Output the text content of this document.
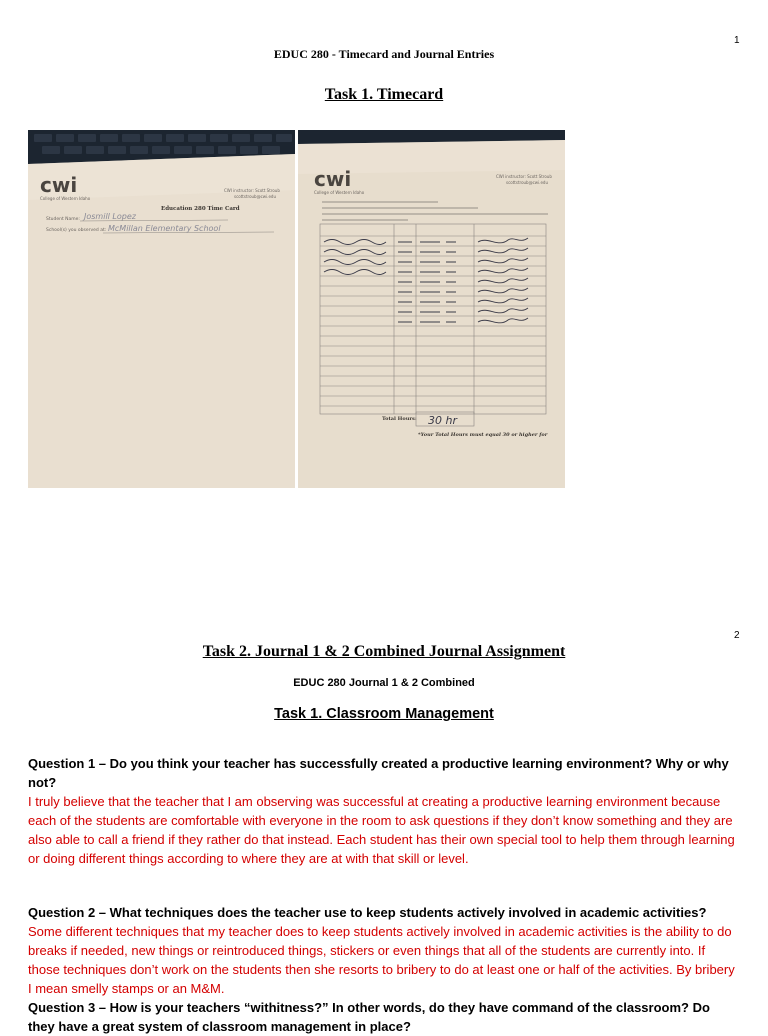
1
EDUC 280 - Timecard and Journal Entries
Task 1. Timecard
cwi
College of Western Idaho
CWI instructor: Scott Stroub
scottstroub@cwi.edu
Education 280 Time Card
Student Name: Josmill Lopez
School(s) you observed at: McMillan Elementary School
cwi
College of Western Idaho
CWI instructor: Scott Stroub
scottstroub@cwi.edu
Total Hours: 30 hr
*Your Total Hours must equal 30 or higher for
2
Task 2. Journal 1 & 2 Combined Journal Assignment
EDUC 280 Journal 1 & 2 Combined
Task 1. Classroom Management
Question 1 – Do you think your teacher has successfully created a productive learning environment? Why or why not?
I truly believe that the teacher that I am observing was successful at creating a productive learning environment because each of the students are comfortable with everyone in the room to ask questions if they don’t know something and they are also able to call a friend if they rather do that instead. Each student has their own special tool to help them through learning or doing different things according to where they are at with that skill or level.
Question 2 – What techniques does the teacher use to keep students actively involved in academic activities?
Some different techniques that my teacher does to keep students actively involved in academic activities is the ability to do breaks if needed, new things or reintroduced things, stickers or even things that all of the students are currently into. If those techniques don’t work on the students then she resorts to bribery to do at least one or half of the activities. By bribery I mean smelly stamps or an M&M.
Question 3 – How is your teachers “withitness?” In other words, do they have command of the classroom? Do they have a great system of classroom management in place?
